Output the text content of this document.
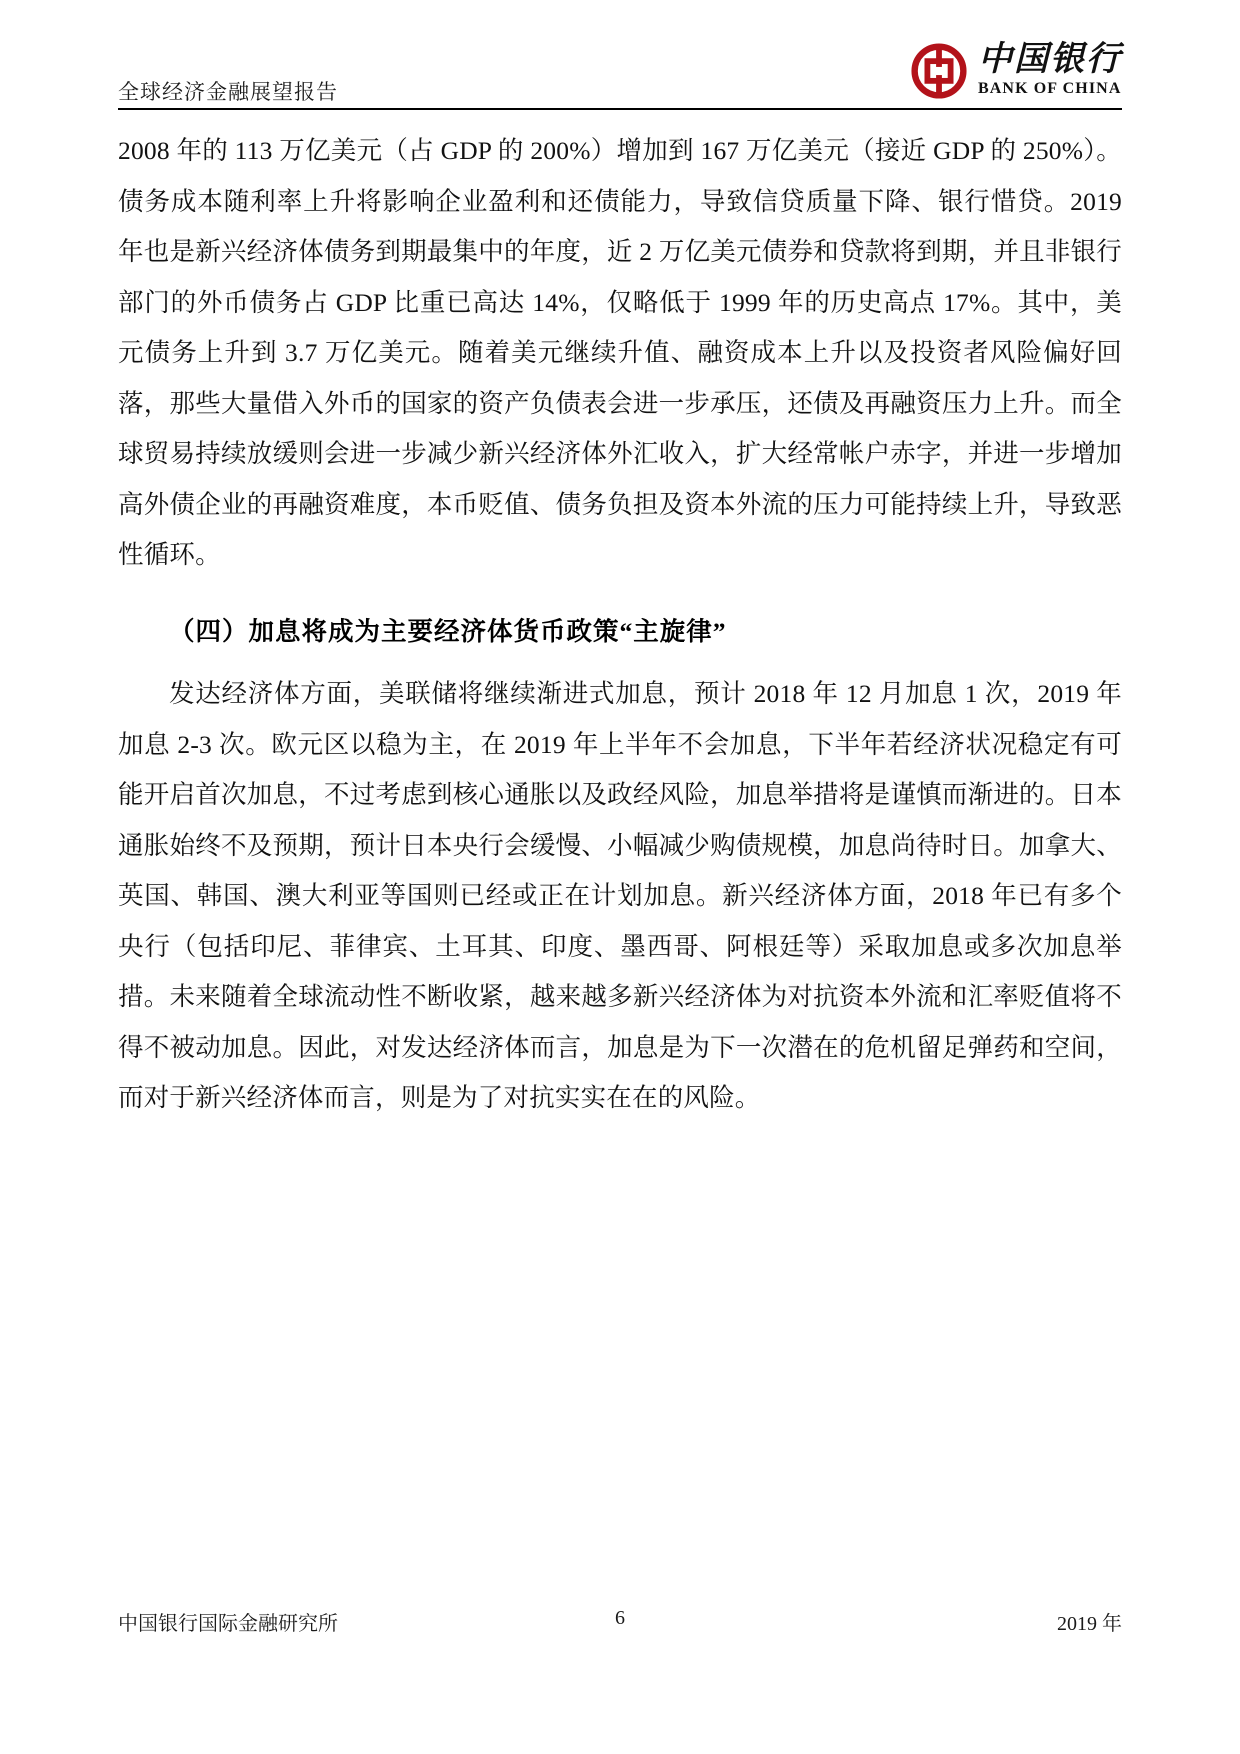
全球经济金融展望报告
中国银行
BANK OF CHINA

2008 年的 113 万亿美元（占 GDP 的 200%）增加到 167 万亿美元（接近 GDP 的 250%）。债务成本随利率上升将影响企业盈利和还债能力，导致信贷质量下降、银行惜贷。2019 年也是新兴经济体债务到期最集中的年度，近 2 万亿美元债券和贷款将到期，并且非银行部门的外币债务占 GDP 比重已高达 14%，仅略低于 1999 年的历史高点 17%。其中，美元债务上升到 3.7 万亿美元。随着美元继续升值、融资成本上升以及投资者风险偏好回落，那些大量借入外币的国家的资产负债表会进一步承压，还债及再融资压力上升。而全球贸易持续放缓则会进一步减少新兴经济体外汇收入，扩大经常帐户赤字，并进一步增加高外债企业的再融资难度，本币贬值、债务负担及资本外流的压力可能持续上升，导致恶性循环。

（四）加息将成为主要经济体货币政策“主旋律”

发达经济体方面，美联储将继续渐进式加息，预计 2018 年 12 月加息 1 次，2019 年加息 2-3 次。欧元区以稳为主，在 2019 年上半年不会加息，下半年若经济状况稳定有可能开启首次加息，不过考虑到核心通胀以及政经风险，加息举措将是谨慎而渐进的。日本通胀始终不及预期，预计日本央行会缓慢、小幅减少购债规模，加息尚待时日。加拿大、英国、韩国、澳大利亚等国则已经或正在计划加息。新兴经济体方面，2018 年已有多个央行（包括印尼、菲律宾、土耳其、印度、墨西哥、阿根廷等）采取加息或多次加息举措。未来随着全球流动性不断收紧，越来越多新兴经济体为对抗资本外流和汇率贬值将不得不被动加息。因此，对发达经济体而言，加息是为下一次潜在的危机留足弹药和空间，而对于新兴经济体而言，则是为了对抗实实在在的风险。

中国银行国际金融研究所	6	2019 年
